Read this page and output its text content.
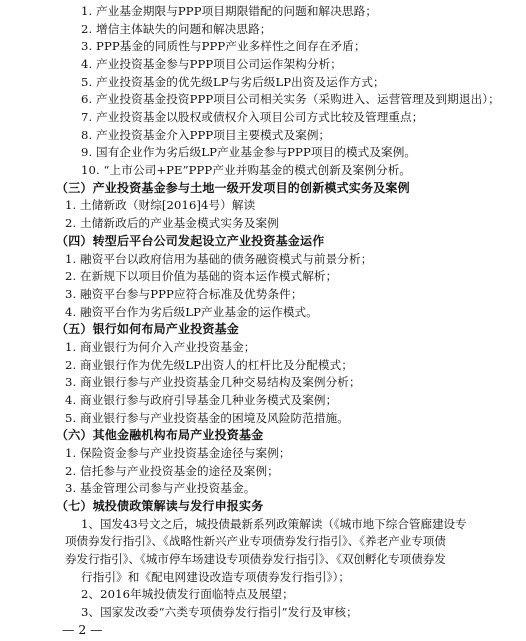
1. 产业基金期限与PPP项目期限错配的问题和解决思路；
2. 增信主体缺失的问题和解决思路；
3. PPP基金的同质性与PPP产业多样性之间存在矛盾；
4. 产业投资基金参与PPP项目公司运作架构分析；
5. 产业投资基金的优先级LP与劣后级LP出资及运作方式；
6. 产业投资基金投资PPP项目公司相关实务（采购进入、运营管理及到期退出）；
7. 产业投资基金以股权或债权介入项目公司方式比较及管理重点；
8. 产业投资基金介入PPP项目主要模式及案例；
9. 国有企业作为劣后级LP产业基金参与PPP项目的模式及案例。
10. “上市公司+PE”PPP产业并购基金的模式创新及案例分析。
（三）产业投资基金参与土地一级开发项目的创新模式实务及案例
1. 土储新政（财综[2016]4号）解读
2. 土储新政后的产业基金模式实务及案例
（四）转型后平台公司发起设立产业投资基金运作
1. 融资平台以政府信用为基础的债务融资模式与前景分析；
2. 在新规下以项目价值为基础的资本运作模式解析；
3. 融资平台参与PPP应符合标准及优势条件；
4. 融资平台作为劣后级LP产业基金的运作模式。
（五）银行如何布局产业投资基金
1. 商业银行为何介入产业投资基金；
2. 商业银行作为优先级LP出资人的杠杆比及分配模式；
3. 商业银行参与产业投资基金几种交易结构及案例分析；
4. 商业银行参与政府引导基金几种业务模式及案例；
5. 商业银行参与产业投资基金的困境及风险防范措施。
（六）其他金融机构布局产业投资基金
1. 保险资金参与产业投资基金途径与案例；
2. 信托参与产业投资基金的途径及案例；
3. 基金管理公司参与产业投资基金。
（七）城投债政策解读与发行申报实务
1、国发43号文之后，城投债最新系列政策解读（《城市地下综合管廊建设专
项债券发行指引》、《战略性新兴产业专项债券发行指引》、《养老产业专项债
券发行指引》、《城市停车场建设专项债券发行指引》、《双创孵化专项债券发
— 2 —
行指引》和《配电网建设改造专项债券发行指引》）；
2、2016年城投债发行面临特点及展望；
3、国家发改委“六类专项债券发行指引”发行及审核；
